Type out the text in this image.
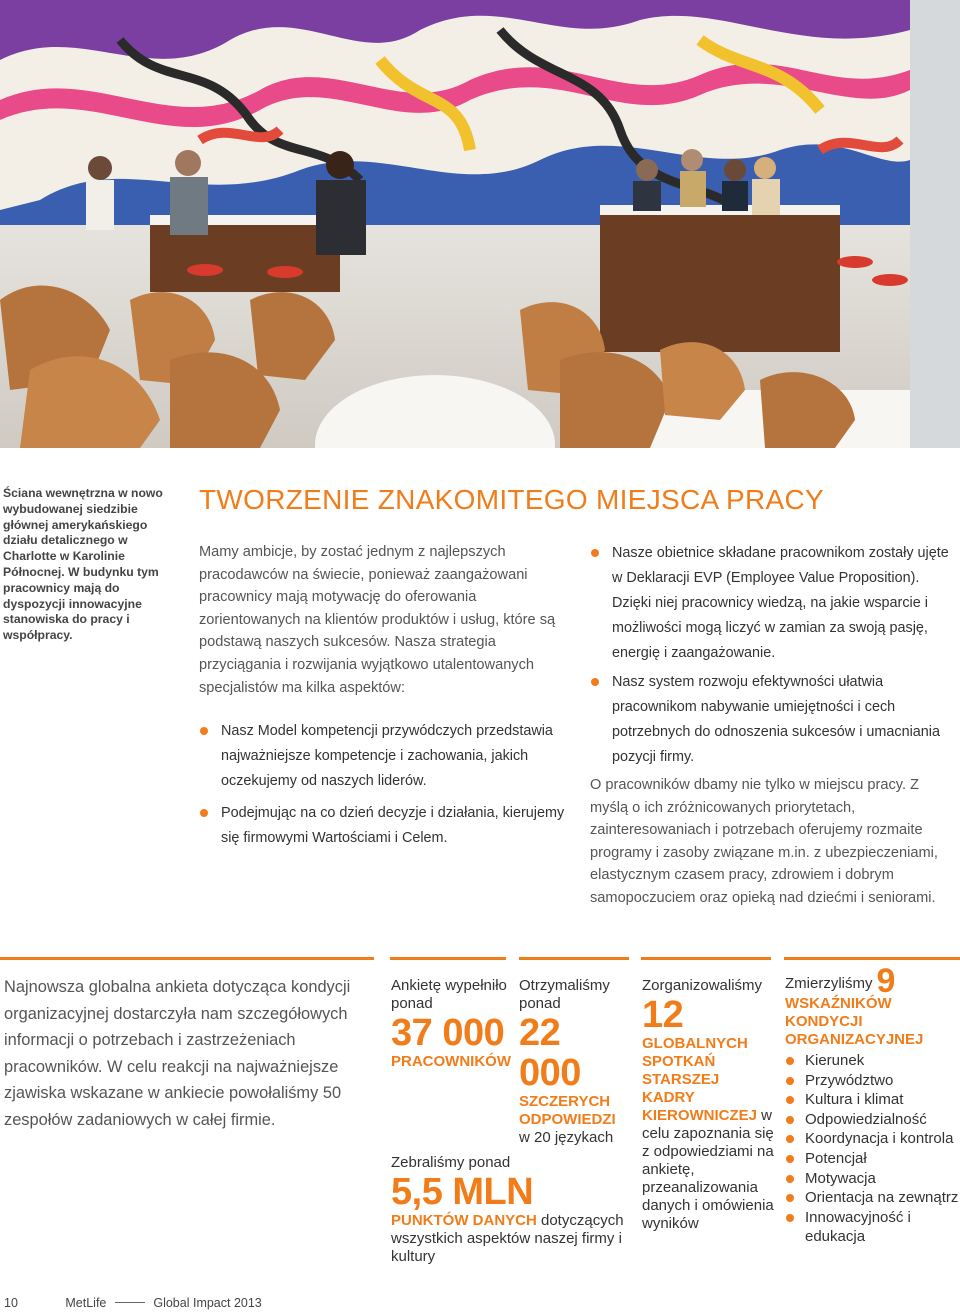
Ściana wewnętrzna w nowo wybudowanej siedzibie głównej amerykańskiego działu detalicznego w Charlotte w Karolinie Północnej. W budynku tym pracownicy mają do dyspozycji innowacyjne stanowiska do pracy i współpracy.

TWORZENIE ZNAKOMITEGO MIEJSCA PRACY

Mamy ambicje, by zostać jednym z najlepszych pracodawców na świecie, ponieważ zaangażowani pracownicy mają motywację do oferowania zorientowanych na klientów produktów i usług, które są podstawą naszych sukcesów. Nasza strategia przyciągania i rozwijania wyjątkowo utalentowanych specjalistów ma kilka aspektów:

Nasz Model kompetencji przywódczych przedstawia najważniejsze kompetencje i zachowania, jakich oczekujemy od naszych liderów.
Podejmując na co dzień decyzje i działania, kierujemy się firmowymi Wartościami i Celem.
Nasze obietnice składane pracownikom zostały ujęte w Deklaracji EVP (Employee Value Proposition). Dzięki niej pracownicy wiedzą, na jakie wsparcie i możliwości mogą liczyć w zamian za swoją pasję, energię i zaangażowanie.
Nasz system rozwoju efektywności ułatwia pracownikom nabywanie umiejętności i cech potrzebnych do odnoszenia sukcesów i umacniania pozycji firmy.

O pracowników dbamy nie tylko w miejscu pracy. Z myślą o ich zróżnicowanych priorytetach, zainteresowaniach i potrzebach oferujemy rozmaite programy i zasoby związane m.in. z ubezpieczeniami, elastycznym czasem pracy, zdrowiem i dobrym samopoczuciem oraz opieką nad dziećmi i seniorami.

Najnowsza globalna ankieta dotycząca kondycji organizacyjnej dostarczyła nam szczegółowych informacji o potrzebach i zastrzeżeniach pracowników. W celu reakcji na najważniejsze zjawiska wskazane w ankiecie powołaliśmy 50 zespołów zadaniowych w całej firmie.

Ankietę wypełniło ponad
37 000
PRACOWNIKÓW
Otrzymaliśmy ponad
22 000
SZCZERYCH ODPOWIEDZI
w 20 językach
Zebraliśmy ponad
5,5 MLN
PUNKTÓW DANYCH dotyczących wszystkich aspektów naszej firmy i kultury
Zorganizowaliśmy
12
GLOBALNYCH SPOTKAŃ STARSZEJ KADRY KIEROWNICZEJ w celu zapoznania się z odpowiedziami na ankietę, przeanalizowania danych i omówienia wyników
Zmierzyliśmy 9
WSKAŹNIKÓW KONDYCJI ORGANIZACYJNEJ
Kierunek
Przywództwo
Kultura i klimat
Odpowiedzialność
Koordynacja i kontrola
Potencjał
Motywacja
Orientacja na zewnątrz
Innowacyjność i edukacja
10	MetLife	Global Impact 2013
